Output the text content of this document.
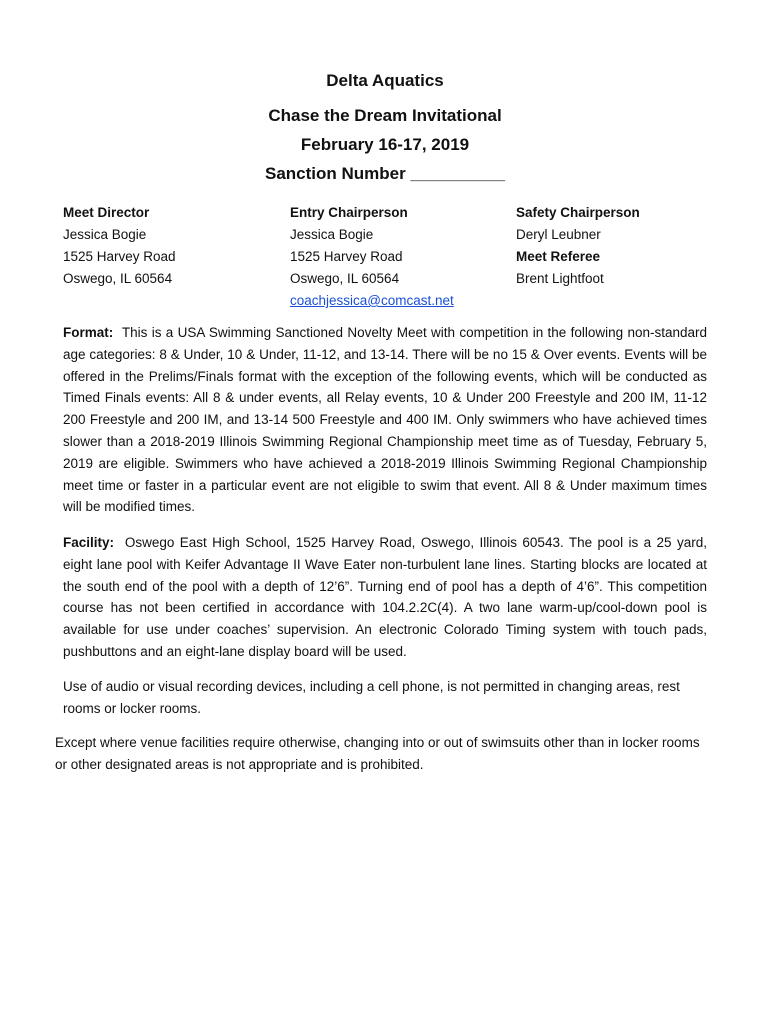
Delta Aquatics
Chase the Dream Invitational
February 16-17, 2019
Sanction Number __________
Meet Director
Jessica Bogie
1525 Harvey Road
Oswego, IL 60564
Entry Chairperson
Jessica Bogie
1525 Harvey Road
Oswego, IL 60564
coachjessica@comcast.net
Safety Chairperson
Deryl Leubner
Meet Referee
Brent Lightfoot
Format: This is a USA Swimming Sanctioned Novelty Meet with competition in the following non-standard age categories: 8 & Under, 10 & Under, 11-12, and 13-14. There will be no 15 & Over events. Events will be offered in the Prelims/Finals format with the exception of the following events, which will be conducted as Timed Finals events: All 8 & under events, all Relay events, 10 & Under 200 Freestyle and 200 IM, 11-12 200 Freestyle and 200 IM, and 13-14 500 Freestyle and 400 IM. Only swimmers who have achieved times slower than a 2018-2019 Illinois Swimming Regional Championship meet time as of Tuesday, February 5, 2019 are eligible. Swimmers who have achieved a 2018-2019 Illinois Swimming Regional Championship meet time or faster in a particular event are not eligible to swim that event. All 8 & Under maximum times will be modified times.
Facility: Oswego East High School, 1525 Harvey Road, Oswego, Illinois 60543. The pool is a 25 yard, eight lane pool with Keifer Advantage II Wave Eater non-turbulent lane lines. Starting blocks are located at the south end of the pool with a depth of 12’6”. Turning end of pool has a depth of 4’6”. This competition course has not been certified in accordance with 104.2.2C(4). A two lane warm-up/cool-down pool is available for use under coaches’ supervision. An electronic Colorado Timing system with touch pads, pushbuttons and an eight-lane display board will be used.
Use of audio or visual recording devices, including a cell phone, is not permitted in changing areas, rest rooms or locker rooms.
Except where venue facilities require otherwise, changing into or out of swimsuits other than in locker rooms or other designated areas is not appropriate and is prohibited.
